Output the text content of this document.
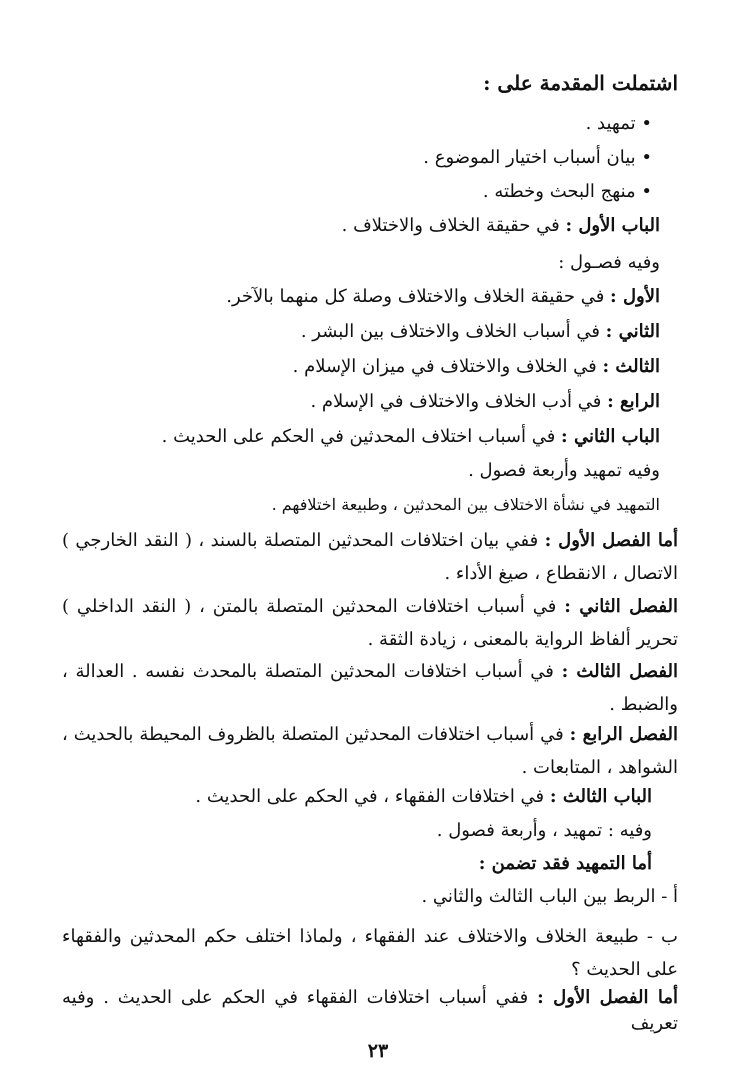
اشتملت المقدمة على :
• تمهيد .
• بيان أسباب اختيار الموضوع .
• منهج البحث وخطته .
الباب الأول : في حقيقة الخلاف والاختلاف .
وفيه فصـول :
الأول : في حقيقة الخلاف والاختلاف وصلة كل منهما بالآخر.
الثاني : في أسباب الخلاف والاختلاف بين البشر .
الثالث : في الخلاف والاختلاف في ميزان الإسلام .
الرابع : في أدب الخلاف والاختلاف في الإسلام .
الباب الثاني : في أسباب اختلاف المحدثين في الحكم على الحديث .
وفيه تمهيد وأربعة فصول .
التمهيد في نشأة الاختلاف بين المحدثين ، وطبيعة اختلافهم .
أما الفصل الأول : ففي بيان اختلافات المحدثين المتصلة بالسند ، ( النقد الخارجي ) الاتصال ، الانقطاع ، صيغ الأداء .
الفصل الثاني : في أسباب اختلافات المحدثين المتصلة بالمتن ، ( النقد الداخلي ) تحرير ألفاظ الرواية بالمعنى ، زيادة الثقة .
الفصل الثالث : في أسباب اختلافات المحدثين المتصلة بالمحدث نفسه . العدالة ، والضبط .
الفصل الرابع : في أسباب اختلافات المحدثين المتصلة بالظروف المحيطة بالحديث ، الشواهد ، المتابعات .
الباب الثالث : في اختلافات الفقهاء ، في الحكم على الحديث .
وفيه : تمهيد ، وأربعة فصول .
أما التمهيد فقد تضمن :
أ - الربط بين الباب الثالث والثاني .
ب - طبيعة الخلاف والاختلاف عند الفقهاء ، ولماذا اختلف حكم المحدثين والفقهاء على الحديث ؟
أما الفصل الأول : ففي أسباب اختلافات الفقهاء في الحكم على الحديث . وفيه تعريف
٢٣
